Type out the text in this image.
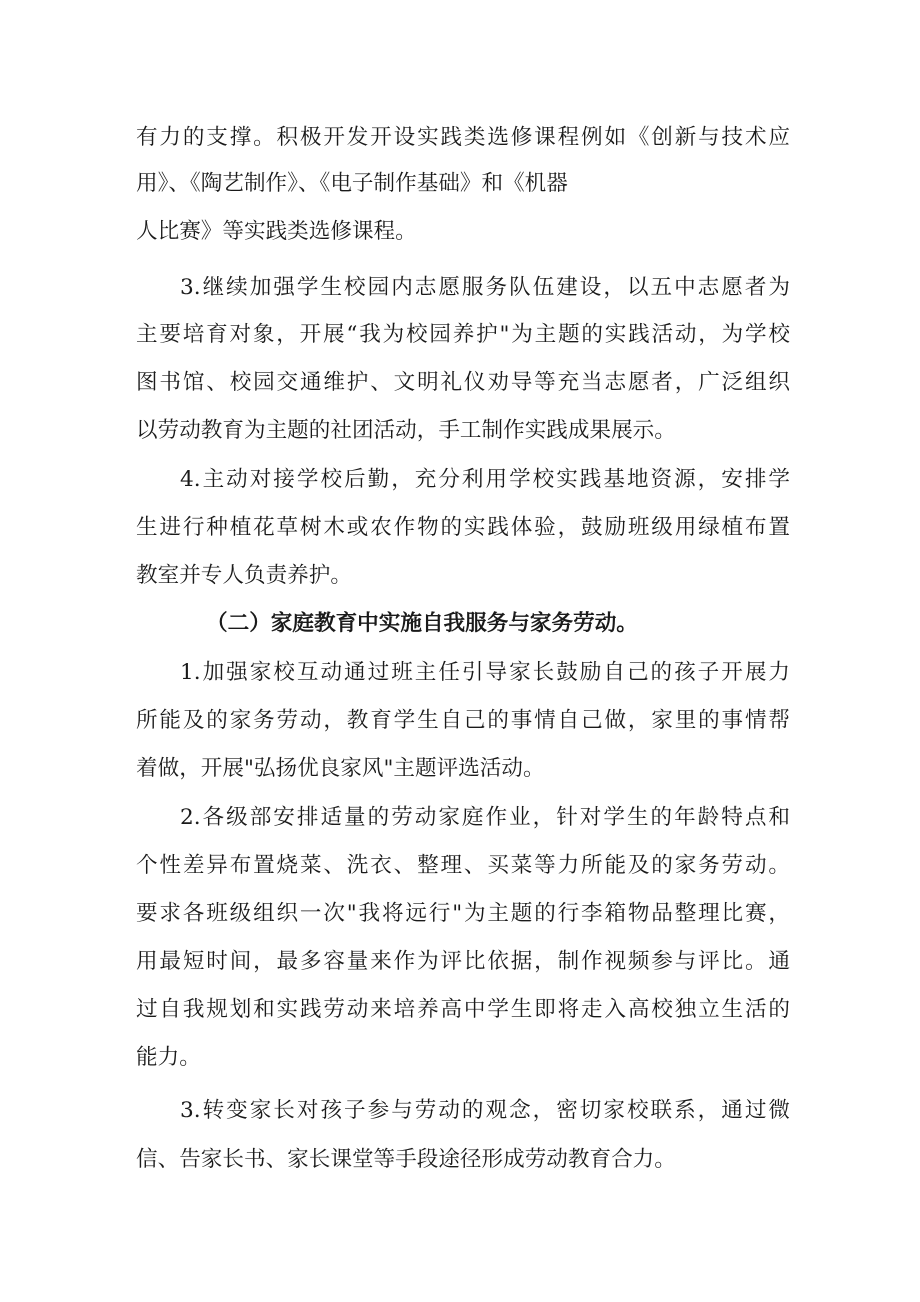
有力的支撑。积极开发开设实践类选修课程例如《创新与技术应
用》、《陶艺制作》、《电子制作基础》和《机器
人比赛》等实践类选修课程。
3.继续加强学生校园内志愿服务队伍建设，以五中志愿者为
主要培育对象，开展“我为校园养护"为主题的实践活动，为学校
图书馆、校园交通维护、文明礼仪劝导等充当志愿者，广泛组织
以劳动教育为主题的社团活动，手工制作实践成果展示。
4.主动对接学校后勤，充分利用学校实践基地资源，安排学
生进行种植花草树木或农作物的实践体验，鼓励班级用绿植布置
教室并专人负责养护。
（二）家庭教育中实施自我服务与家务劳动。
1.加强家校互动通过班主任引导家长鼓励自己的孩子开展力
所能及的家务劳动，教育学生自己的事情自己做，家里的事情帮
着做，开展"弘扬优良家风"主题评选活动。
2.各级部安排适量的劳动家庭作业，针对学生的年龄特点和
个性差异布置烧菜、洗衣、整理、买菜等力所能及的家务劳动。
要求各班级组织一次"我将远行"为主题的行李箱物品整理比赛，
用最短时间，最多容量来作为评比依据，制作视频参与评比。通
过自我规划和实践劳动来培养高中学生即将走入高校独立生活的
能力。
3.转变家长对孩子参与劳动的观念，密切家校联系，通过微
信、告家长书、家长课堂等手段途径形成劳动教育合力。
